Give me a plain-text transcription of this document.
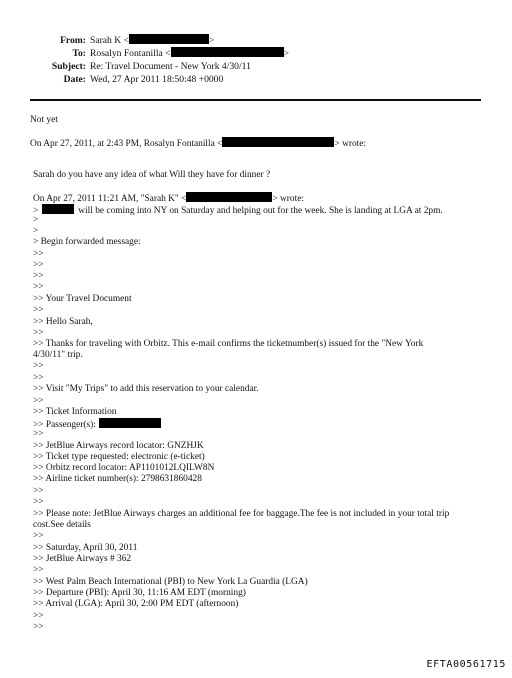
From: Sarah K <	>
To: Rosalyn Fontanilla <	>
Subject: Re: Travel Document - New York 4/30/11
Date: Wed, 27 Apr 2011 18:50:48 +0000
Not yet
On Apr 27, 2011, at 2:43 PM, Rosalyn Fontanilla <	> wrote:
Sarah do you have any idea of what Will they have for dinner ?
On Apr 27, 2011 11:21 AM, "Sarah K" <	> wrote:
>	will be coming into NY on Saturday and helping out for the week. She is landing at LGA at 2pm.
>
>
> Begin forwarded message:
>>
>>
>>
>>
>> Your Travel Document
>>
>> Hello Sarah,
>>
>> Thanks for traveling with Orbitz. This e-mail confirms the ticketnumber(s) issued for the "New York
4/30/11" trip.
>>
>>
>> Visit "My Trips" to add this reservation to your calendar.
>>
>> Ticket Information
>> Passenger(s):
>>
>> JetBlue Airways record locator: GNZHJK
>> Ticket type requested: electronic (e-ticket)
>> Orbitz record locator: AP1101012LQILW8N
>> Airline ticket number(s): 2798631860428
>>
>>
>> Please note: JetBlue Airways charges an additional fee for baggage.The fee is not included in your total trip
cost.See details
>>
>> Saturday, April 30, 2011
>> JetBlue Airways # 362
>>
>> West Palm Beach International (PBI) to New York La Guardia (LGA)
>> Departure (PBI): April 30, 11:16 AM EDT (morning)
>> Arrival (LGA): April 30, 2:00 PM EDT (afternoon)
>>
>>
EFTA00561715
